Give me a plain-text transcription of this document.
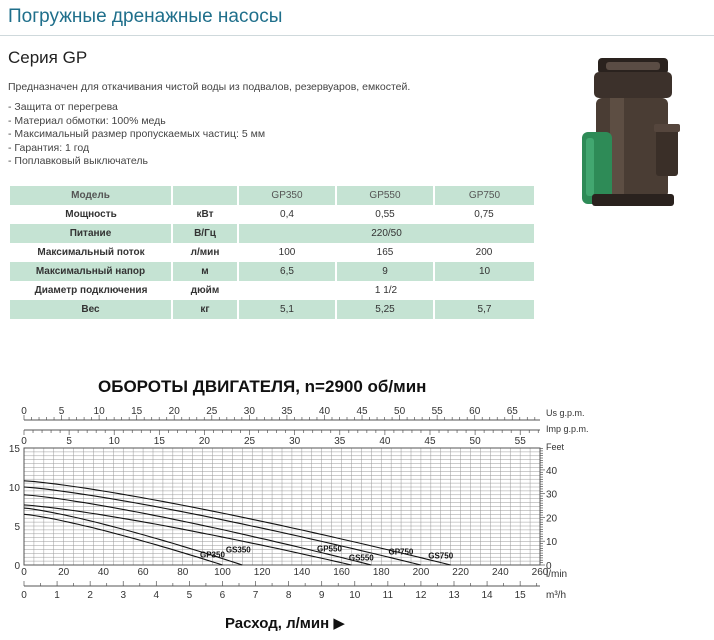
Погружные дренажные насосы
Серия GP
Предназначен для откачивания чистой воды из подвалов, резервуаров, емкостей.
- Защита от перегрева
- Материал обмотки: 100% медь
- Максимальный размер пропускаемых частиц: 5 мм
- Гарантия: 1 год
- Поплавковый выключатель
Модель		GP350	GP550	GP750
Мощность	кВт	0,4	0,55	0,75
Питание	В/Гц	220/50		
Максимальный поток	л/мин	100	165	200
Максимальный напор	м	6,5	9	10
Диаметр подключения	дюйм	1 1/2		
Вес	кг	5,1	5,25	5,7
ОБОРОТЫ ДВИГАТЕЛЯ, n=2900 об/мин
0	5	10	15	20	25	30	35	40	45	50	55	60	65	Us g.p.m.
0	5	10	15	20	25	30	35	40	45	50	55
Imp g.p.m.
0
5
10
15
0
10
20
30
40
Feet
0	20	40	60	80	100 120 140 160 180 200 220 240 260
l/min
0	1	2	3	4	5	6	7	8	9 10 11 12 13 14 15 m³/h
GP350
GS350	GP550
GS550
GP750 GS750
Расход, л/мин ▶
